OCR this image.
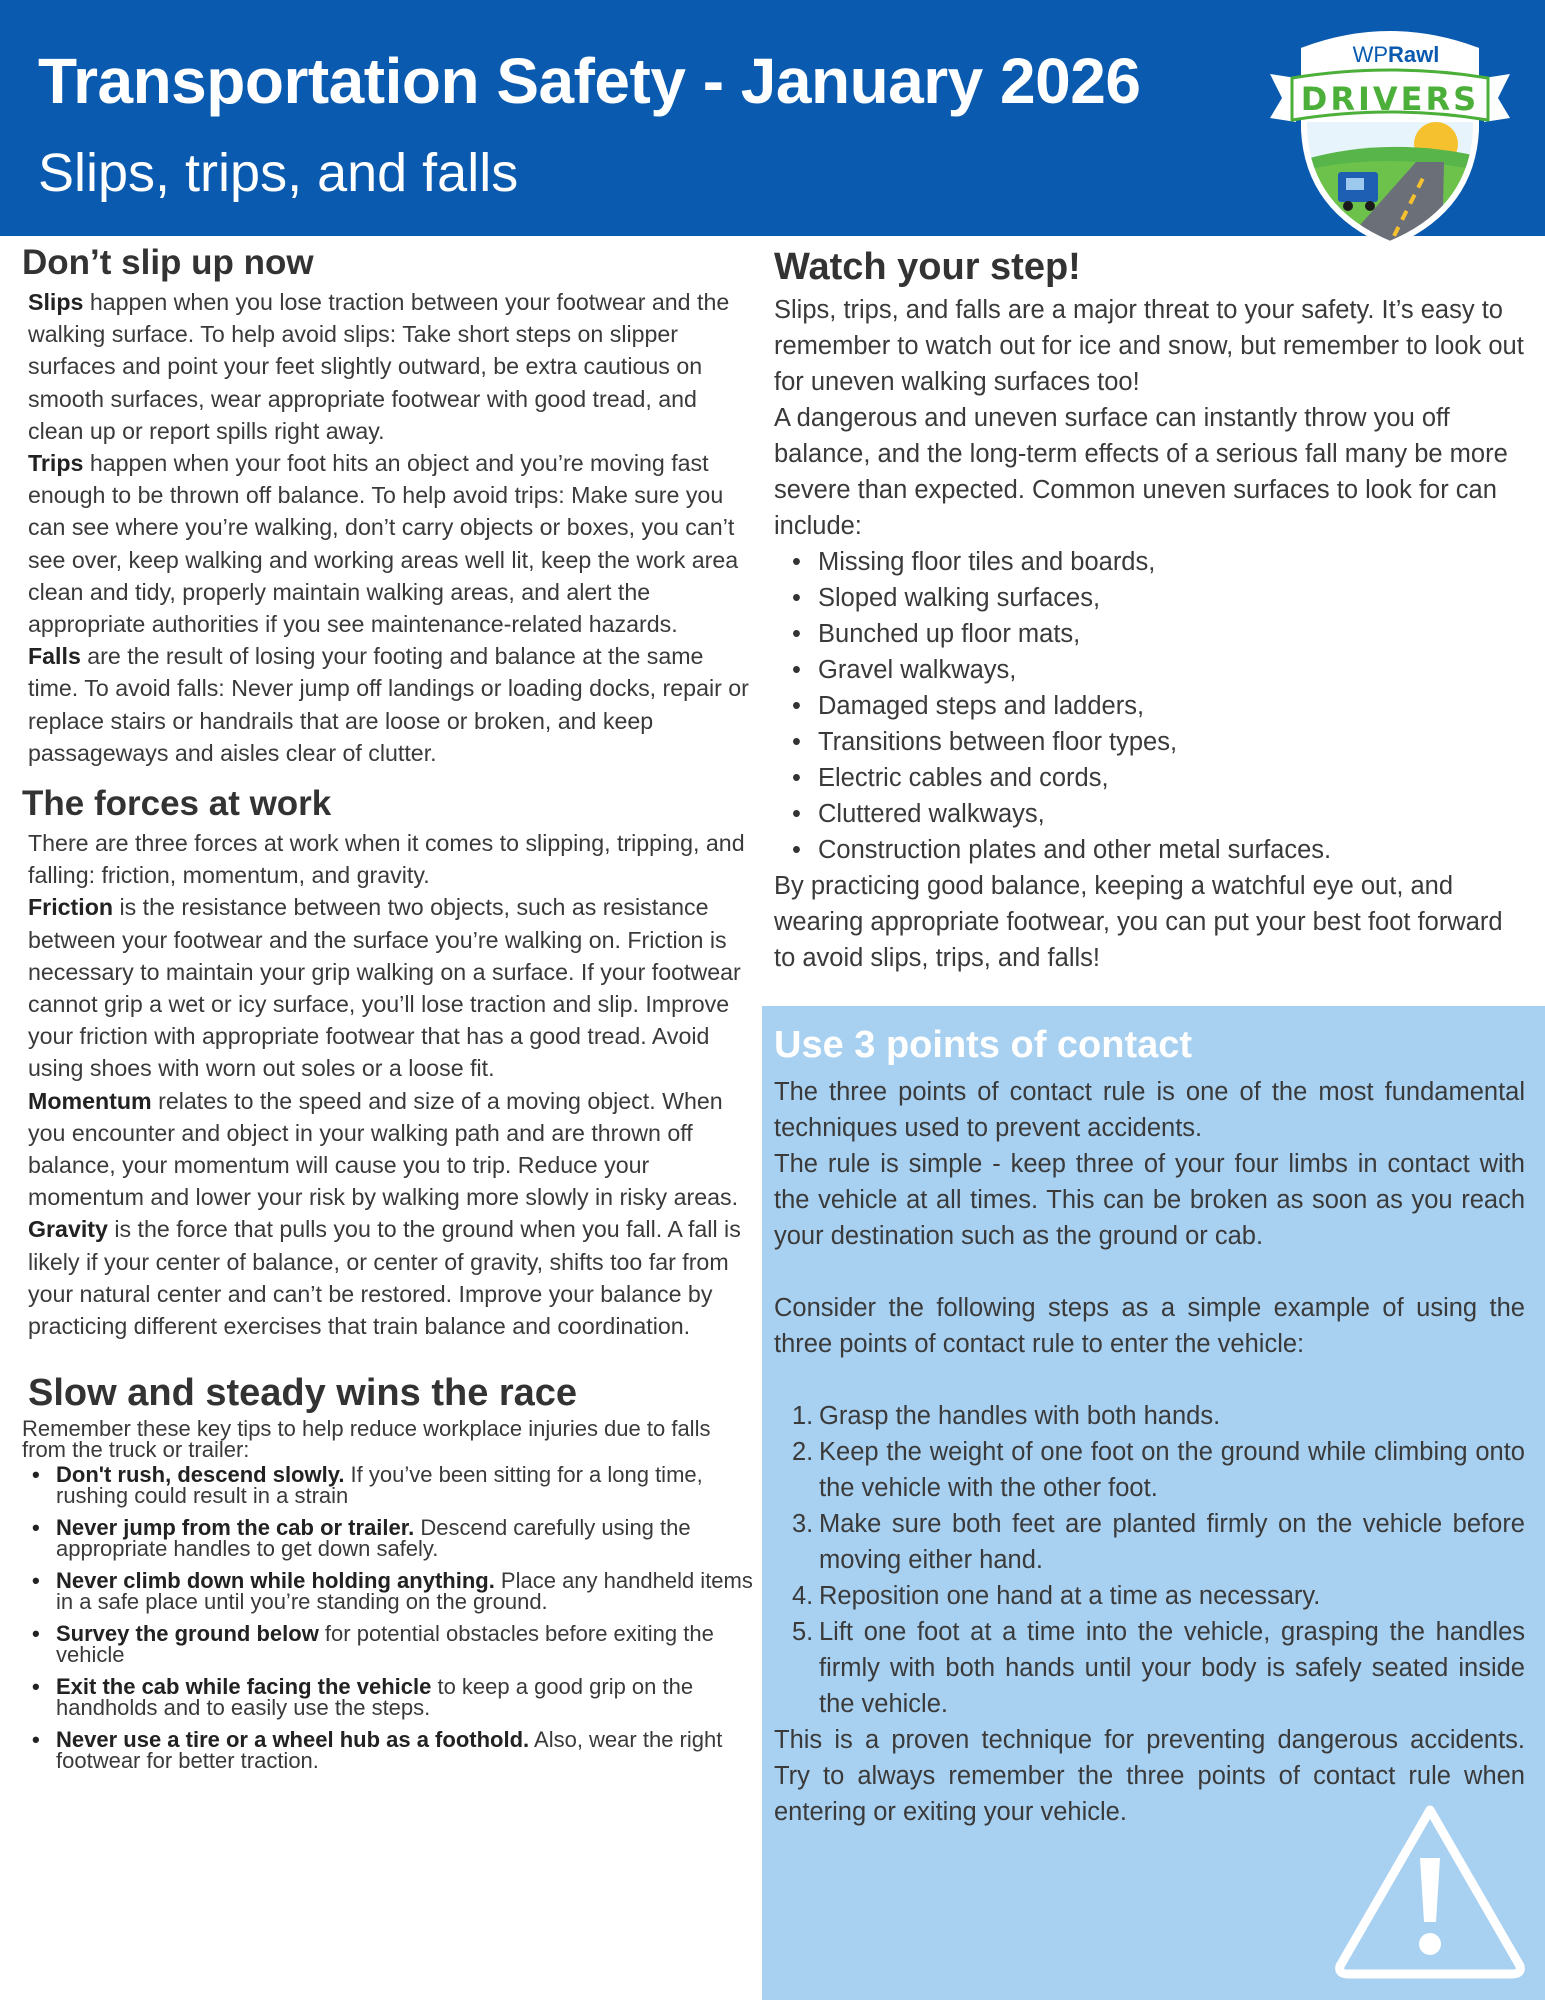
Transportation Safety - January 2026
Slips, trips, and falls
WPRawl
DRIVERS
Don’t slip up now

Slips happen when you lose traction between your footwear and the walking surface. To help avoid slips: Take short steps on slipper surfaces and point your feet slightly outward, be extra cautious on smooth surfaces, wear appropriate footwear with good tread, and clean up or report spills right away.

Trips happen when your foot hits an object and you’re moving fast enough to be thrown off balance. To help avoid trips: Make sure you can see where you’re walking, don’t carry objects or boxes, you can’t see over, keep walking and working areas well lit, keep the work area clean and tidy, properly maintain walking areas, and alert the appropriate authorities if you see maintenance-related hazards.

Falls are the result of losing your footing and balance at the same time. To avoid falls: Never jump off landings or loading docks, repair or replace stairs or handrails that are loose or broken, and keep passageways and aisles clear of clutter.

The forces at work

There are three forces at work when it comes to slipping, tripping, and falling: friction, momentum, and gravity.

Friction is the resistance between two objects, such as resistance between your footwear and the surface you’re walking on. Friction is necessary to maintain your grip walking on a surface. If your footwear cannot grip a wet or icy surface, you’ll lose traction and slip. Improve your friction with appropriate footwear that has a good tread. Avoid using shoes with worn out soles or a loose fit.

Momentum relates to the speed and size of a moving object. When you encounter and object in your walking path and are thrown off balance, your momentum will cause you to trip. Reduce your momentum and lower your risk by walking more slowly in risky areas.

Gravity is the force that pulls you to the ground when you fall. A fall is likely if your center of balance, or center of gravity, shifts too far from your natural center and can’t be restored. Improve your balance by practicing different exercises that train balance and coordination.

Slow and steady wins the race

Remember these key tips to help reduce workplace injuries due to falls from the truck or trailer:

• Don't rush, descend slowly. If you’ve been sitting for a long time, rushing could result in a strain
• Never jump from the cab or trailer. Descend carefully using the appropriate handles to get down safely.
• Never climb down while holding anything. Place any handheld items in a safe place until you’re standing on the ground.
• Survey the ground below for potential obstacles before exiting the vehicle
• Exit the cab while facing the vehicle to keep a good grip on the handholds and to easily use the steps.
• Never use a tire or a wheel hub as a foothold. Also, wear the right footwear for better traction.
Watch your step!

Slips, trips, and falls are a major threat to your safety. It’s easy to remember to watch out for ice and snow, but remember to look out for uneven walking surfaces too!

A dangerous and uneven surface can instantly throw you off balance, and the long-term effects of a serious fall many be more severe than expected. Common uneven surfaces to look for can include:

• Missing floor tiles and boards,
• Sloped walking surfaces,
• Bunched up floor mats,
• Gravel walkways,
• Damaged steps and ladders,
• Transitions between floor types,
• Electric cables and cords,
• Cluttered walkways,
• Construction plates and other metal surfaces.

By practicing good balance, keeping a watchful eye out, and wearing appropriate footwear, you can put your best foot forward to avoid slips, trips, and falls!

Use 3 points of contact

The three points of contact rule is one of the most fundamental techniques used to prevent accidents.

The rule is simple - keep three of your four limbs in contact with the vehicle at all times. This can be broken as soon as you reach your destination such as the ground or cab.

Consider the following steps as a simple example of using the three points of contact rule to enter the vehicle:

1. Grasp the handles with both hands.
2. Keep the weight of one foot on the ground while climbing onto the vehicle with the other foot.
3. Make sure both feet are planted firmly on the vehicle before moving either hand.
4. Reposition one hand at a time as necessary.
5. Lift one foot at a time into the vehicle, grasping the handles firmly with both hands until your body is safely seated inside the vehicle.

This is a proven technique for preventing dangerous accidents. Try to always remember the three points of contact rule when entering or exiting your vehicle.
